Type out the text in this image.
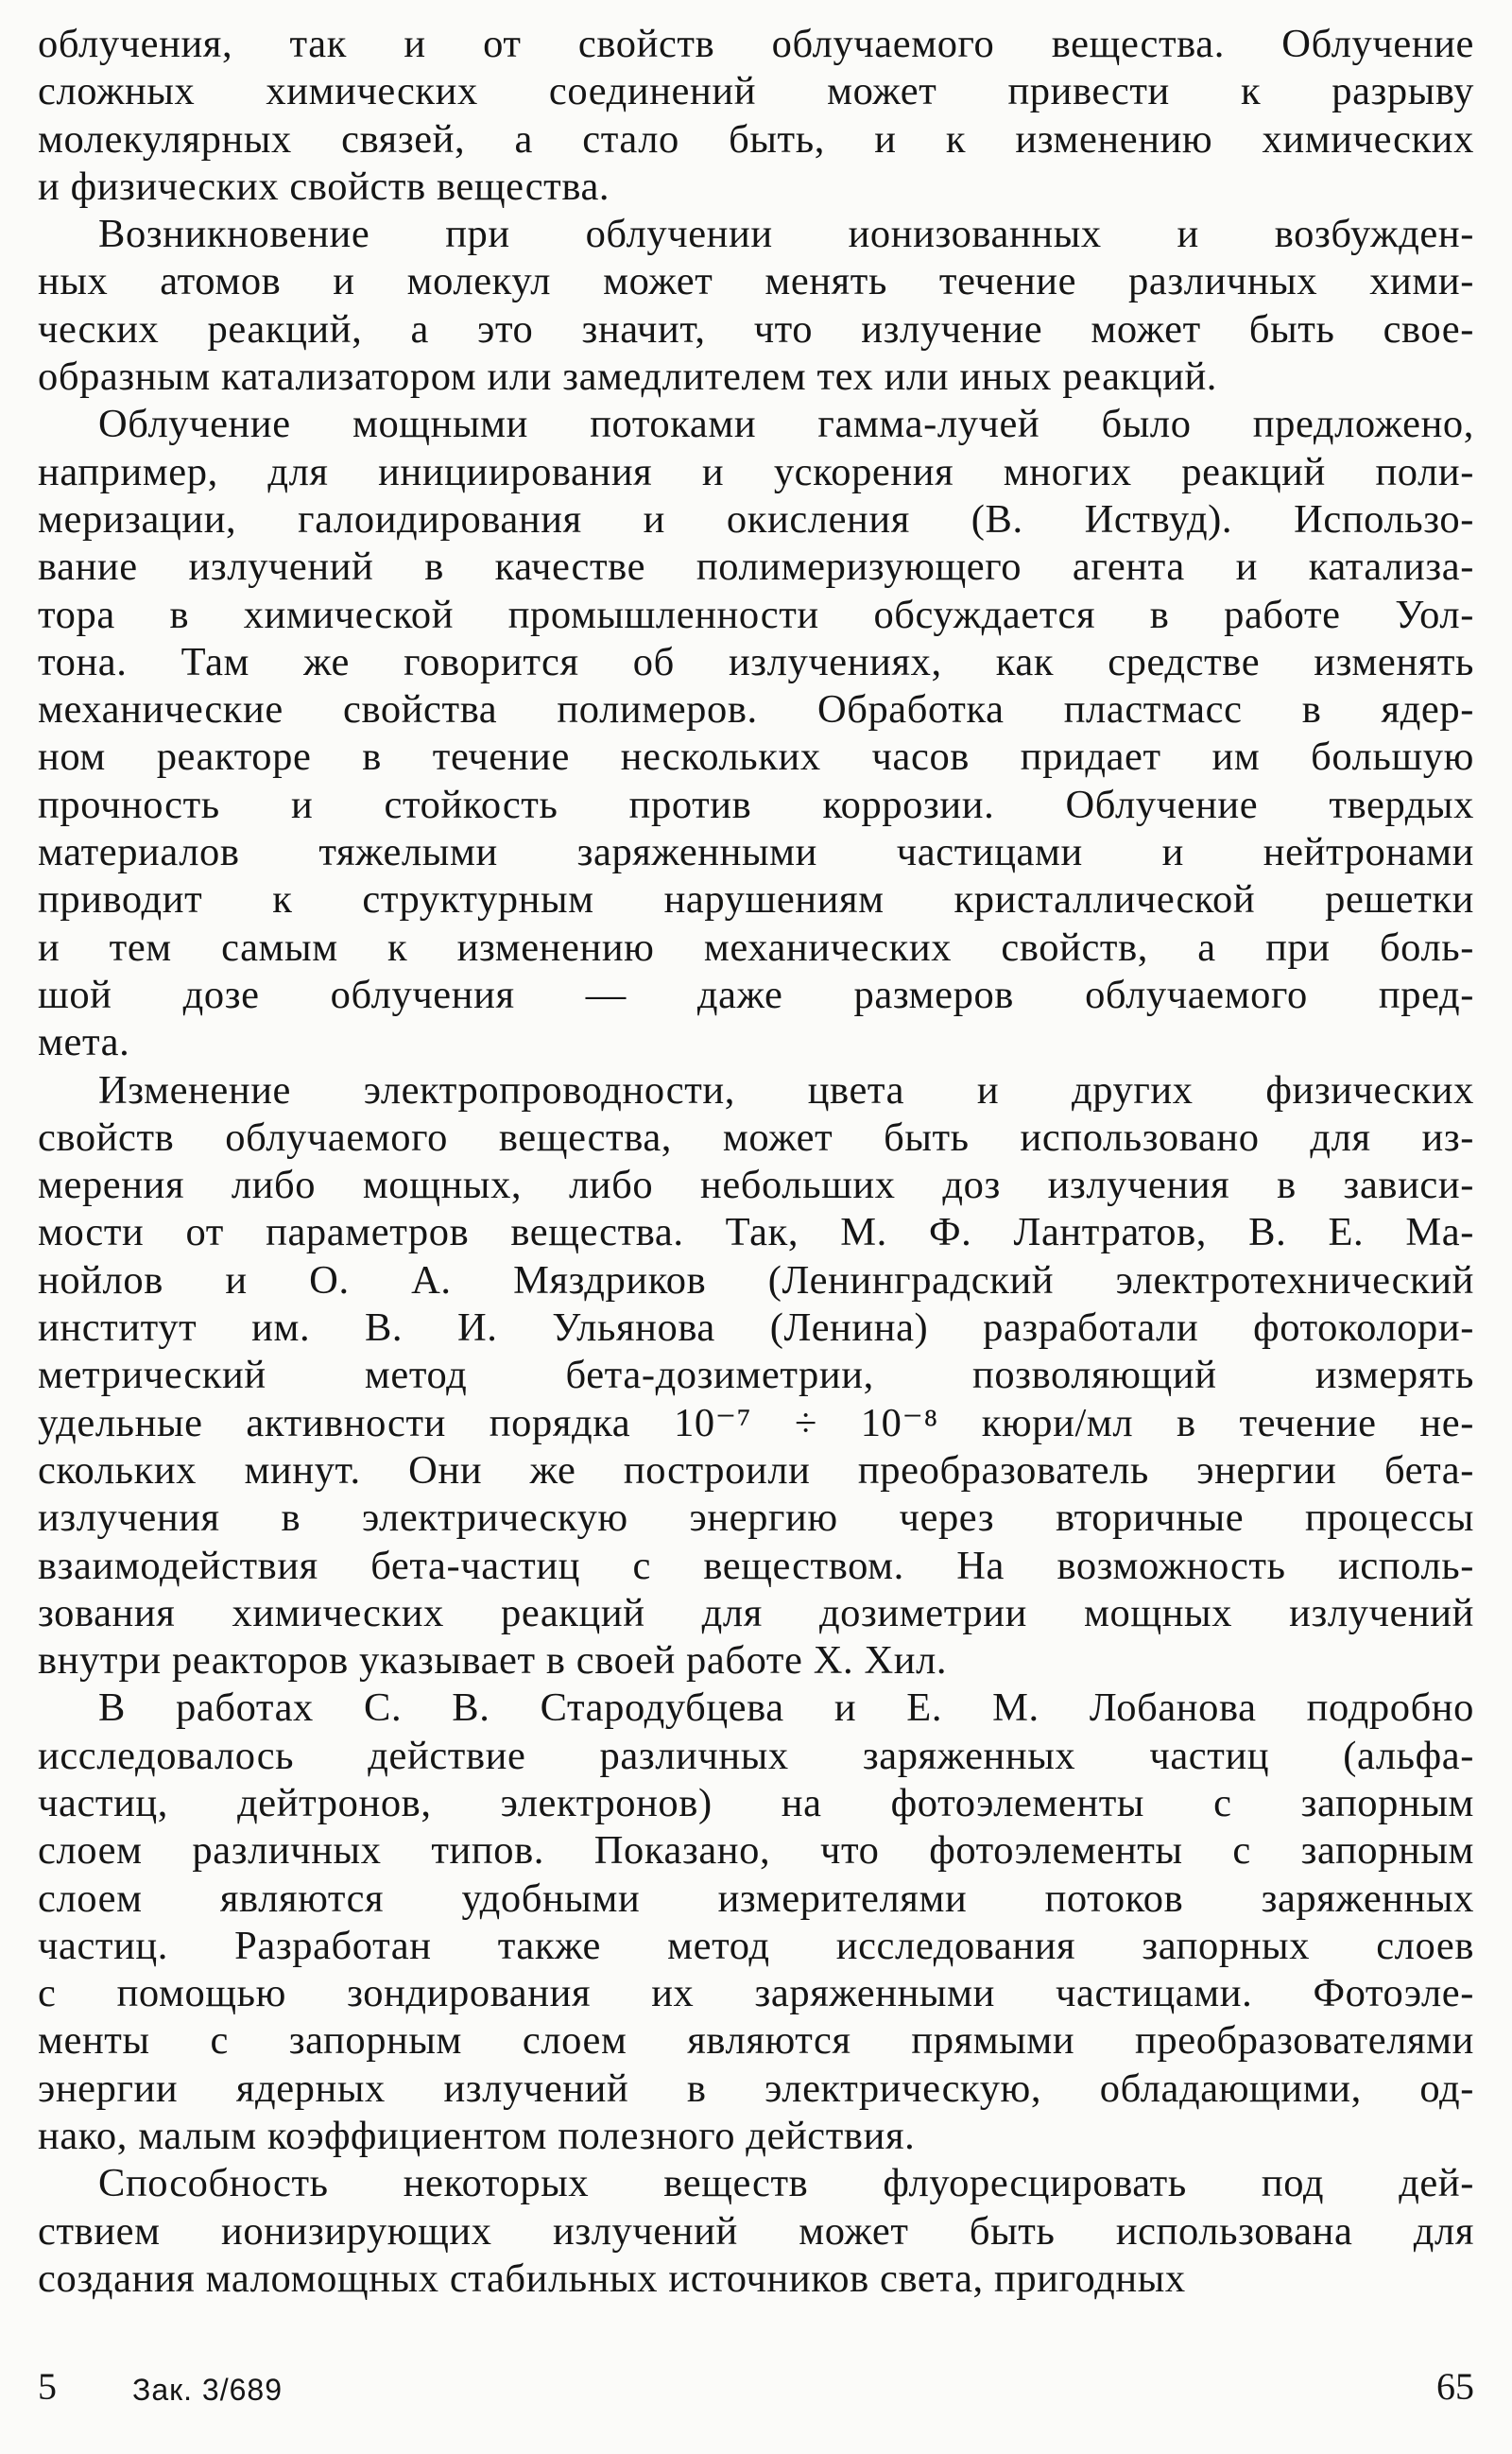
облучения, так и от свойств облучаемого вещества. Облучение
сложных химических соединений может привести к разрыву
молекулярных связей, а стало быть, и к изменению химических
и физических свойств вещества.

Возникновение при облучении ионизованных и возбужден-
ных атомов и молекул может менять течение различных хими-
ческих реакций, а это значит, что излучение может быть свое-
образным катализатором или замедлителем тех или иных реакций.

Облучение мощными потоками гамма-лучей было предложено,
например, для инициирования и ускорения многих реакций поли-
меризации, галоидирования и окисления (В. Иствуд). Использо-
вание излучений в качестве полимеризующего агента и катализа-
тора в химической промышленности обсуждается в работе Уол-
тона. Там же говорится об излучениях, как средстве изменять
механические свойства полимеров. Обработка пластмасс в ядер-
ном реакторе в течение нескольких часов придает им большую
прочность и стойкость против коррозии. Облучение твердых
материалов тяжелыми заряженными частицами и нейтронами
приводит к структурным нарушениям кристаллической решетки
и тем самым к изменению механических свойств, а при боль-
шой дозе облучения — даже размеров облучаемого пред-
мета.

Изменение электропроводности, цвета и других физических
свойств облучаемого вещества, может быть использовано для из-
мерения либо мощных, либо небольших доз излучения в зависи-
мости от параметров вещества. Так, М. Ф. Лантратов, В. Е. Ма-
нойлов и О. А. Мяздриков (Ленинградский электротехнический
институт им. В. И. Ульянова (Ленина) разработали фотоколори-
метрический метод бета-дозиметрии, позволяющий измерять
удельные активности порядка 10⁻⁷ ÷ 10⁻⁸ кюри/мл в течение не-
скольких минут. Они же построили преобразователь энергии бета-
излучения в электрическую энергию через вторичные процессы
взаимодействия бета-частиц с веществом. На возможность исполь-
зования химических реакций для дозиметрии мощных излучений
внутри реакторов указывает в своей работе Х. Хил.

В работах С. В. Стародубцева и Е. М. Лобанова подробно
исследовалось действие различных заряженных частиц (альфа-
частиц, дейтронов, электронов) на фотоэлементы с запорным
слоем различных типов. Показано, что фотоэлементы с запорным
слоем являются удобными измерителями потоков заряженных
частиц. Разработан также метод исследования запорных слоев
с помощью зондирования их заряженными частицами. Фотоэле-
менты с запорным слоем являются прямыми преобразователями
энергии ядерных излучений в электрическую, обладающими, од-
нако, малым коэффициентом полезного действия.

Способность некоторых веществ флуоресцировать под дей-
ствием ионизирующих излучений может быть использована для
создания маломощных стабильных источников света, пригодных

5	Зак. 3/689	65
